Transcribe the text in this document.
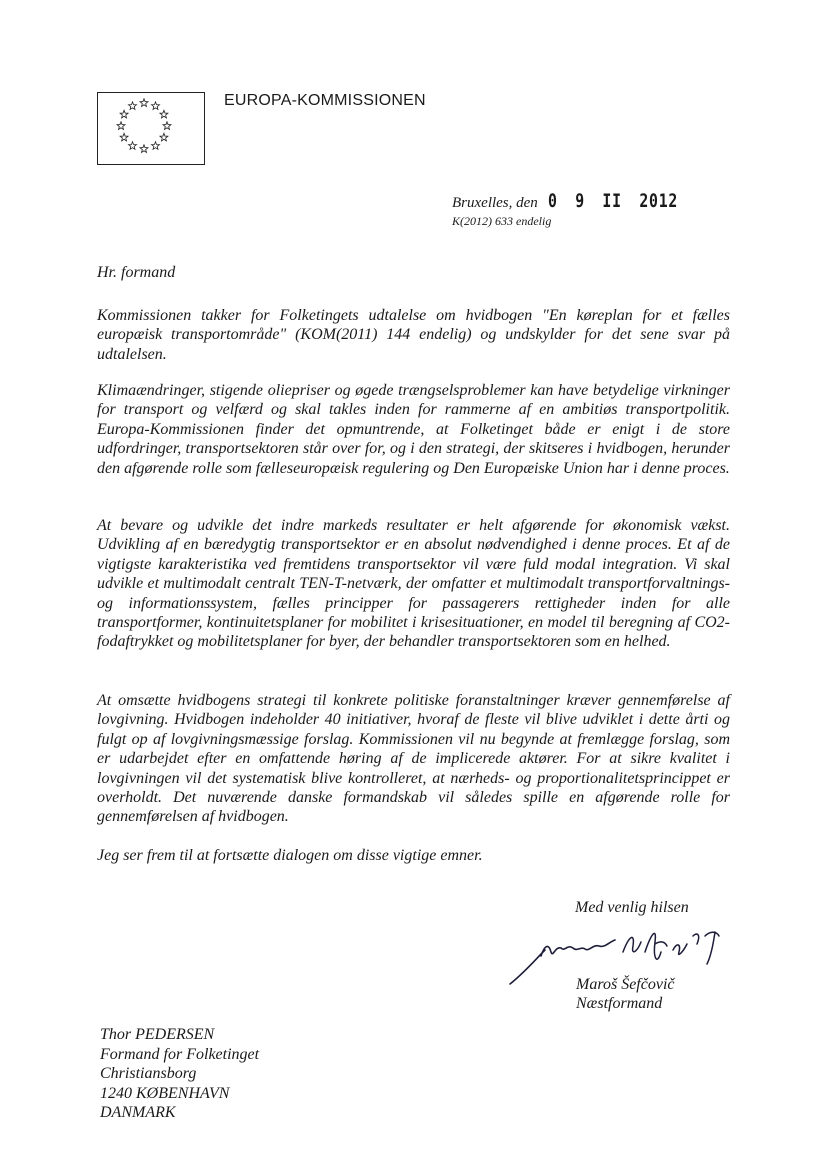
EUROPA-KOMMISSIONEN
Bruxelles, den 0 9 II 2012
K(2012) 633 endelig

Hr. formand

Kommissionen takker for Folketingets udtalelse om hvidbogen "En køreplan for et fælles europæisk transportområde" (KOM(2011) 144 endelig) og undskylder for det sene svar på udtalelsen.

Klimaændringer, stigende oliepriser og øgede trængselsproblemer kan have betydelige virkninger for transport og velfærd og skal takles inden for rammerne af en ambitiøs transportpolitik. Europa-Kommissionen finder det opmuntrende, at Folketinget både er enigt i de store udfordringer, transportsektoren står over for, og i den strategi, der skitseres i hvidbogen, herunder den afgørende rolle som fælleseuropæisk regulering og Den Europæiske Union har i denne proces.

At bevare og udvikle det indre markeds resultater er helt afgørende for økonomisk vækst. Udvikling af en bæredygtig transportsektor er en absolut nødvendighed i denne proces. Et af de vigtigste karakteristika ved fremtidens transportsektor vil være fuld modal integration. Vi skal udvikle et multimodalt centralt TEN-T-netværk, der omfatter et multimodalt transportforvaltnings- og informationssystem, fælles principper for passagerers rettigheder inden for alle transportformer, kontinuitetsplaner for mobilitet i krisesituationer, en model til beregning af CO2-fodaftrykket og mobilitetsplaner for byer, der behandler transportsektoren som en helhed.

At omsætte hvidbogens strategi til konkrete politiske foranstaltninger kræver gennemførelse af lovgivning. Hvidbogen indeholder 40 initiativer, hvoraf de fleste vil blive udviklet i dette årti og fulgt op af lovgivningsmæssige forslag. Kommissionen vil nu begynde at fremlægge forslag, som er udarbejdet efter en omfattende høring af de implicerede aktører. For at sikre kvalitet i lovgivningen vil det systematisk blive kontrolleret, at nærheds- og proportionalitetsprincippet er overholdt. Det nuværende danske formandskab vil således spille en afgørende rolle for gennemførelsen af hvidbogen.

Jeg ser frem til at fortsætte dialogen om disse vigtige emner.

Med venlig hilsen
Maroš Šefčovič
Næstformand
Thor PEDERSEN
Formand for Folketinget
Christiansborg
1240 KØBENHAVN
DANMARK
